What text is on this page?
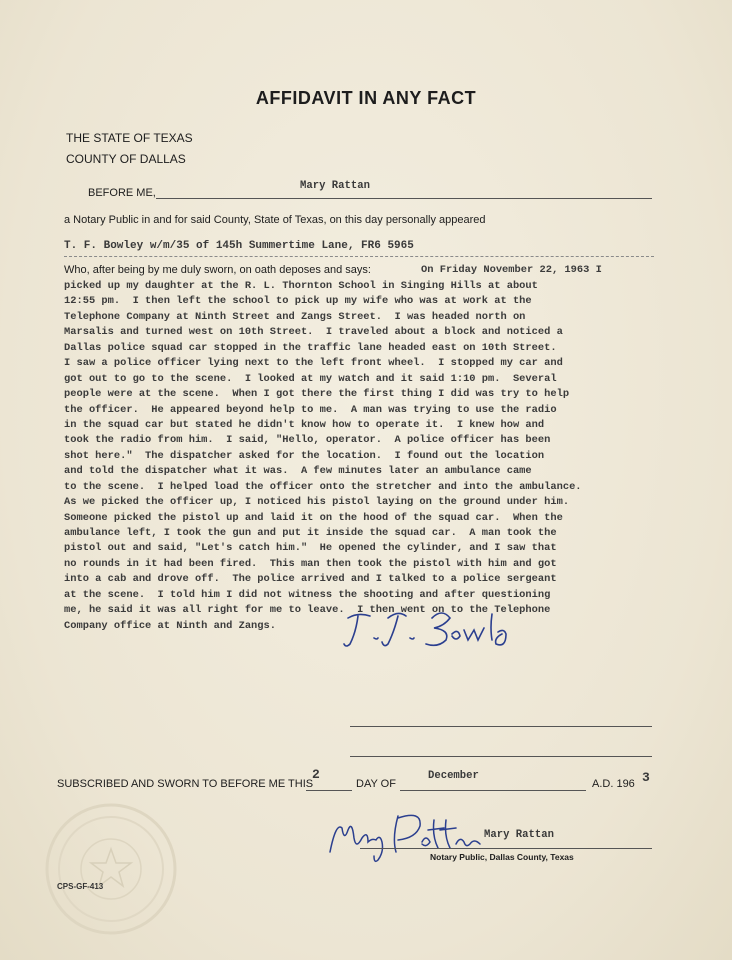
AFFIDAVIT IN ANY FACT
THE STATE OF TEXAS
COUNTY OF DALLAS
BEFORE ME,
Mary Rattan
a Notary Public in and for said County, State of Texas, on this day personally appeared
T. F. Bowley w/m/35 of 145h Summertime Lane, FR6 5965
Who, after being by me duly sworn, on oath deposes and says:	On Friday November 22, 1963 I
picked up my daughter at the R. L. Thornton School in Singing Hills at about
12:55 pm.  I then left the school to pick up my wife who was at work at the
Telephone Company at Ninth Street and Zangs Street.  I was headed north on
Marsalis and turned west on 10th Street.  I traveled about a block and noticed a
Dallas police squad car stopped in the traffic lane headed east on 10th Street.
I saw a police officer lying next to the left front wheel.  I stopped my car and
got out to go to the scene.  I looked at my watch and it said 1:10 pm.  Several
people were at the scene.  When I got there the first thing I did was try to help
the officer.  He appeared beyond help to me.  A man was trying to use the radio
in the squad car but stated he didn't know how to operate it.  I knew how and
took the radio from him.  I said, "Hello, operator.  A police officer has been
shot here."  The dispatcher asked for the location.  I found out the location
and told the dispatcher what it was.  A few minutes later an ambulance came
to the scene.  I helped load the officer onto the stretcher and into the ambulance.
As we picked the officer up, I noticed his pistol laying on the ground under him.
Someone picked the pistol up and laid it on the hood of the squad car.  When the
ambulance left, I took the gun and put it inside the squad car.  A man took the
pistol out and said, "Let's catch him."  He opened the cylinder, and I saw that
no rounds in it had been fired.  This man then took the pistol with him and got
into a cab and drove off.  The police arrived and I talked to a police sergeant
at the scene.  I told him I did not witness the shooting and after questioning
me, he said it was all right for me to leave.  I then went on to the Telephone
Company office at Ninth and Zangs.
SUBSCRIBED AND SWORN TO BEFORE ME THIS
2
DAY OF
December
A.D. 196 3
Mary Rattan
Notary Public, Dallas County, Texas
CPS-GF-413
